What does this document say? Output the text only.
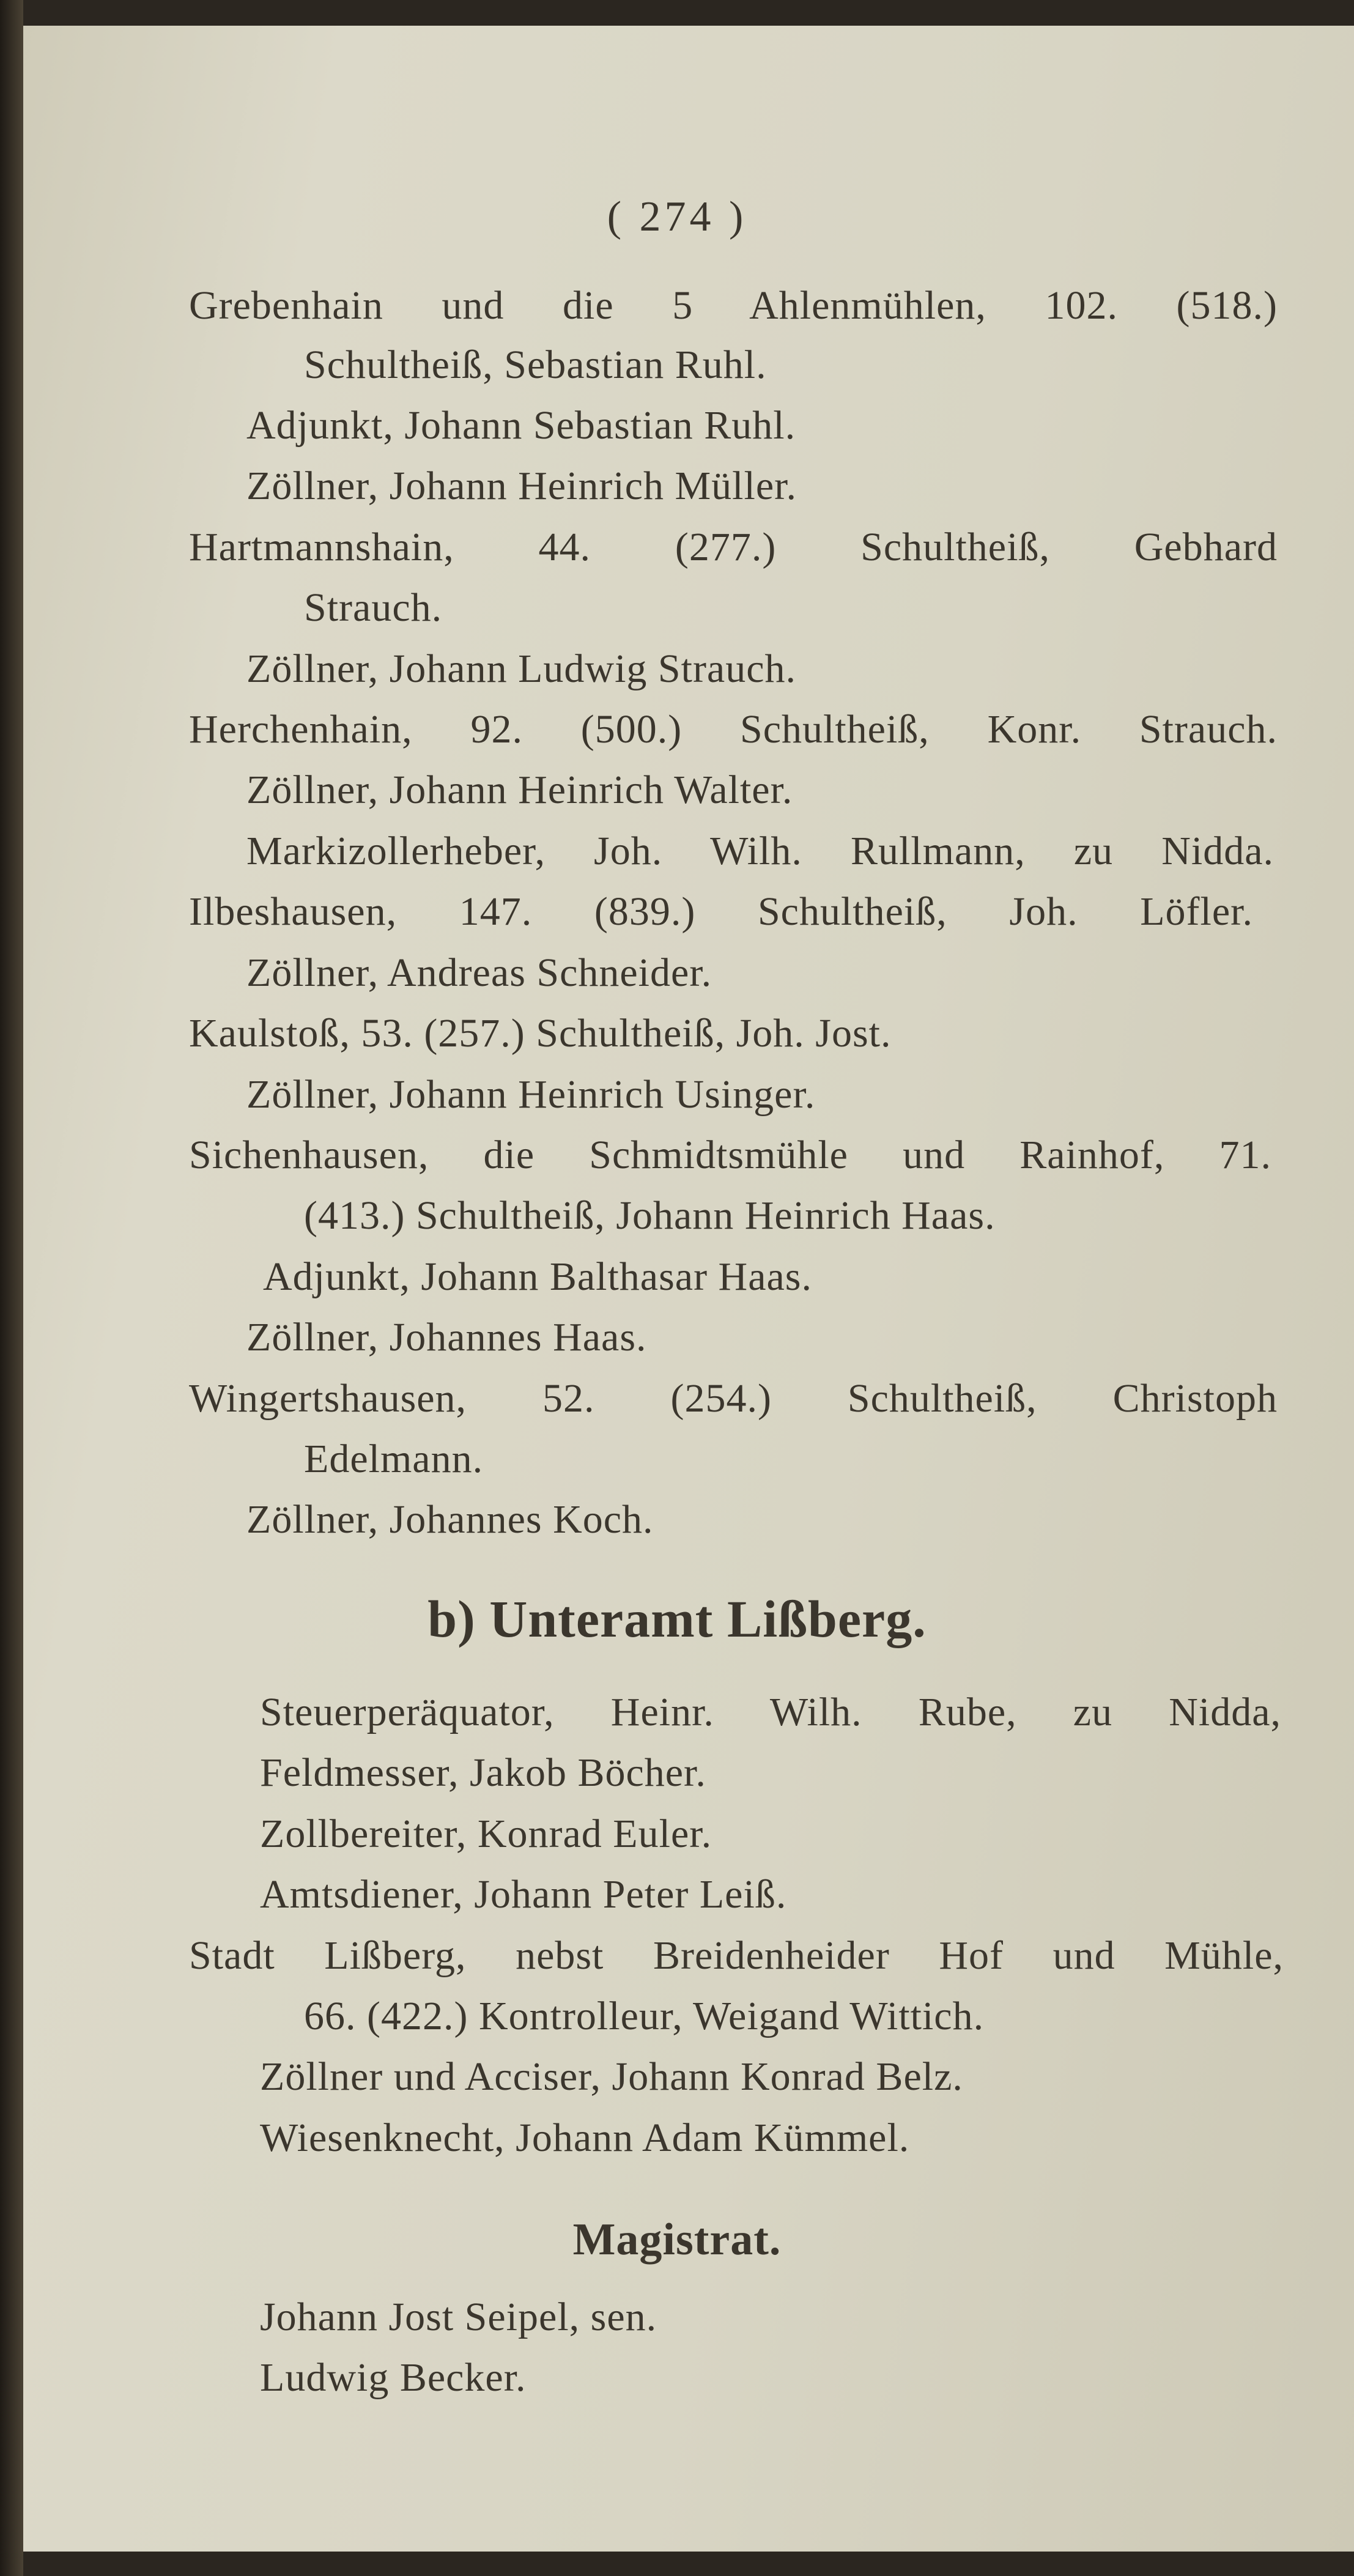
( 274 )
Grebenhain und die 5 Ahlenmühlen, 102. (518.)
Schultheiß, Sebastian Ruhl.
Adjunkt, Johann Sebastian Ruhl.
Zöllner, Johann Heinrich Müller.
Hartmannshain, 44. (277.) Schultheiß, Gebhard
Strauch.
Zöllner, Johann Ludwig Strauch.
Herchenhain, 92. (500.) Schultheiß, Konr. Strauch.
Zöllner, Johann Heinrich Walter.
Markizollerheber, Joh. Wilh. Rullmann, zu Nidda.
Ilbeshausen, 147. (839.) Schultheiß, Joh. Löfler.
Zöllner, Andreas Schneider.
Kaulstoß, 53. (257.) Schultheiß, Joh. Jost.
Zöllner, Johann Heinrich Usinger.
Sichenhausen, die Schmidtsmühle und Rainhof, 71.
(413.) Schultheiß, Johann Heinrich Haas.
Adjunkt, Johann Balthasar Haas.
Zöllner, Johannes Haas.
Wingertshausen, 52. (254.) Schultheiß, Christoph
Edelmann.
Zöllner, Johannes Koch.
b) Unteramt Lißberg.
Steuerperäquator, Heinr. Wilh. Rube, zu Nidda,
Feldmesser, Jakob Böcher.
Zollbereiter, Konrad Euler.
Amtsdiener, Johann Peter Leiß.
Stadt Lißberg, nebst Breidenheider Hof und Mühle,
66. (422.) Kontrolleur, Weigand Wittich.
Zöllner und Acciser, Johann Konrad Belz.
Wiesenknecht, Johann Adam Kümmel.
Magistrat.
Johann Jost Seipel, sen.
Ludwig Becker.
